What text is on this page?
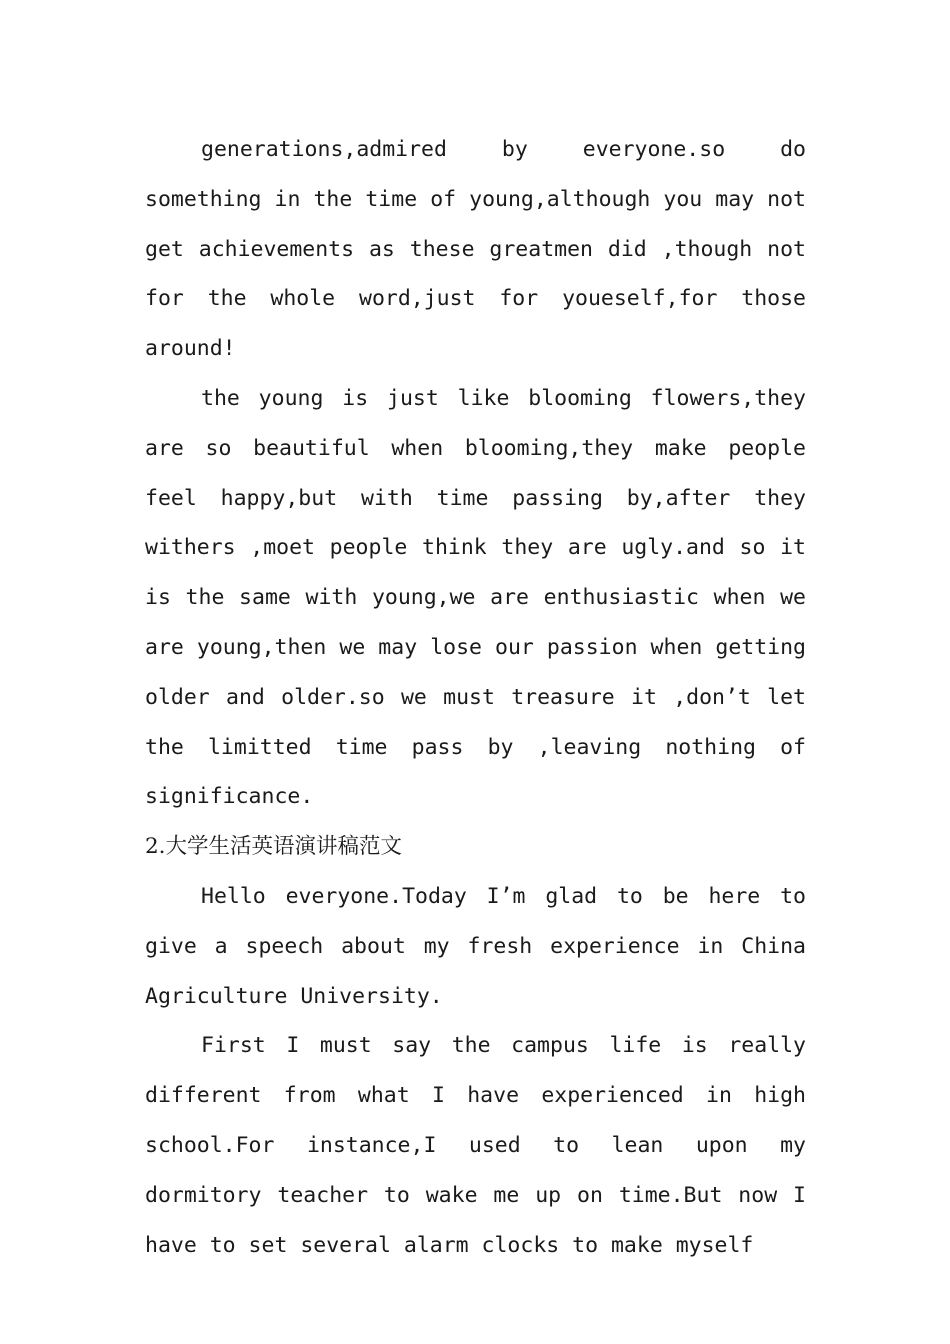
generations,admired by everyone.so do something in the time of young,although you may not get achievements as these greatmen did ,though not for the whole word,just for youeself,for those around!

the young is just like blooming flowers,they are so beautiful when blooming,they make people feel happy,but with time passing by,after they withers ,moet people think they are ugly.and so it is the same with young,we are enthusiastic when we are young,then we may lose our passion when getting older and older.so we must treasure it ,don’t let the limitted time pass by ,leaving nothing of significance.

2.大学生活英语演讲稿范文

Hello everyone.Today I’m glad to be here to give a speech about my fresh experience in China Agriculture University.

First I must say the campus life is really different from what I have experienced in high school.For instance,I used to lean upon my dormitory teacher to wake me up on time.But now I have to set several alarm clocks to make myself
